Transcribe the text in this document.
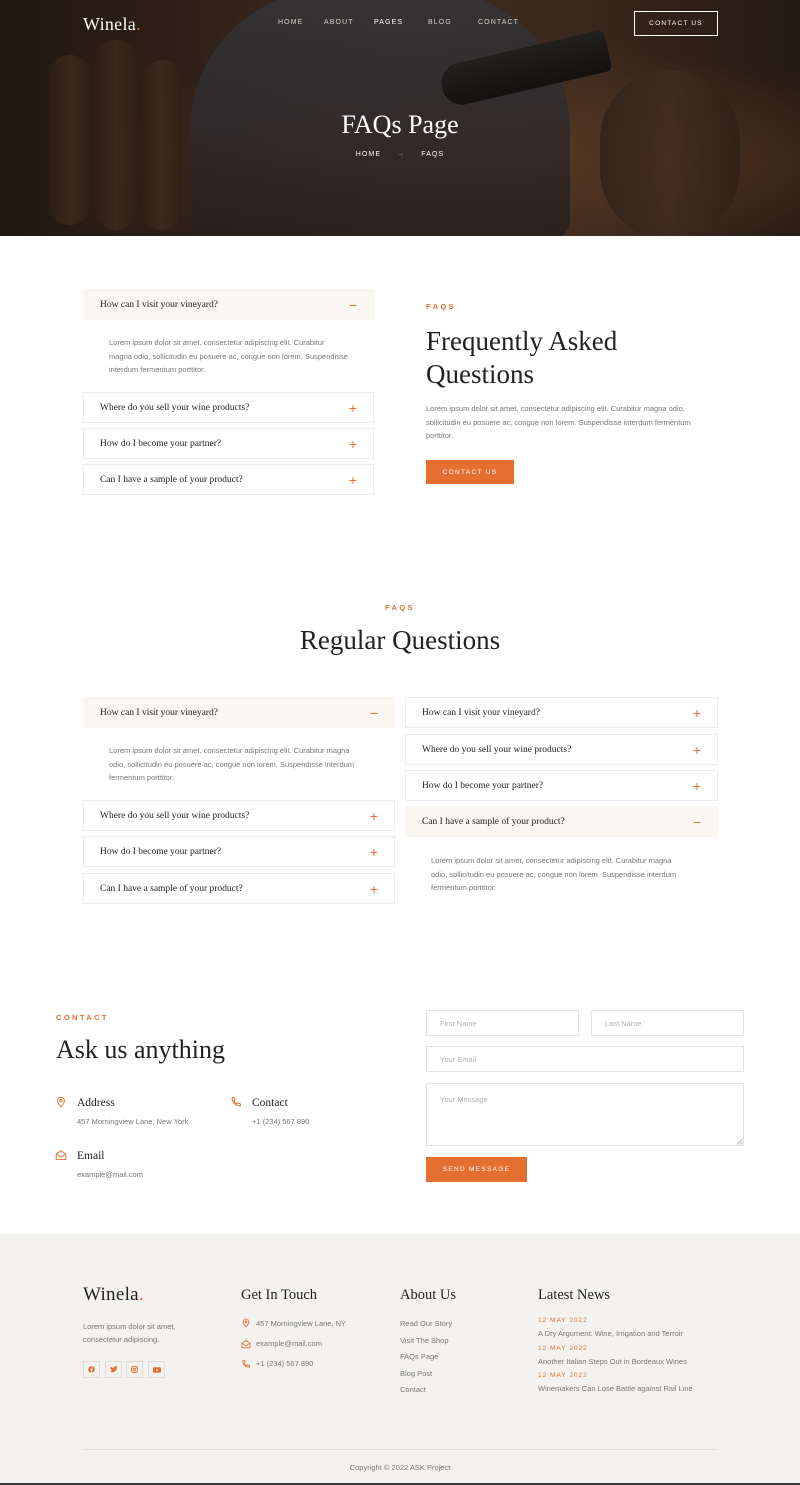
Winela.	HOME	ABOUT	PAGES	BLOG	CONTACT	CONTACT US
FAQs Page
HOME → FAQS
How can I visit your vineyard?	−
Lorem ipsum dolor sit amet, consectetur adipiscing elit. Curabitur magna odio, sollicitudin eu posuere ac, congue non lorem. Suspendisse interdum fermentum porttitor.
Where do you sell your wine products?	+
How do I become your partner?	+
Can I have a sample of your product?	+
FAQS
Frequently Asked
Questions
Lorem ipsum dolor sit amet, consectetur adipiscing elit. Curabitur magna odio, sollicitudin eu posuere ac, congue non lorem. Suspendisse interdum fermentum porttitor.
CONTACT US
FAQS
Regular Questions
How can I visit your vineyard?	−
Lorem ipsum dolor sit amet, consectetur adipiscing elit. Curabitur magna odio, sollicitudin eu posuere ac, congue non lorem. Suspendisse interdum fermentum porttitor.
Where do you sell your wine products?	+
How do I become your partner?	+
Can I have a sample of your product?	+
How can I visit your vineyard?	+
Where do you sell your wine products?	+
How do I become your partner?	+
Can I have a sample of your product?	−
Lorem ipsum dolor sit amet, consectetur adipiscing elit. Curabitur magna odio, sollicitudin eu posuere ac, congue non lorem. Suspendisse interdum fermentum porttitor.
CONTACT
Ask us anything
Address
457 Morningview Lane, New York
Contact
+1 (234) 567 890
Email
example@mail.com
First Name	Last Name
Your Email
Your Message
SEND MESSAGE
Winela.
Lorem ipsum dolor sit amet,
consectetur adipiscing.
Get In Touch
457 Morningview Lane, NY
example@mail.com
+1 (234) 567 890
About Us
Read Our Story
Visit The Shop
FAQs Page
Blog Post
Contact
Latest News
12 MAY 2022
A Dry Argument: Wine, Irrigation and Terroir
12 MAY 2022
Another Italian Steps Out in Bordeaux Wines
12 MAY 2022
Winemakers Can Lose Battle against Rail Line
Copyright © 2022 ASK Project
